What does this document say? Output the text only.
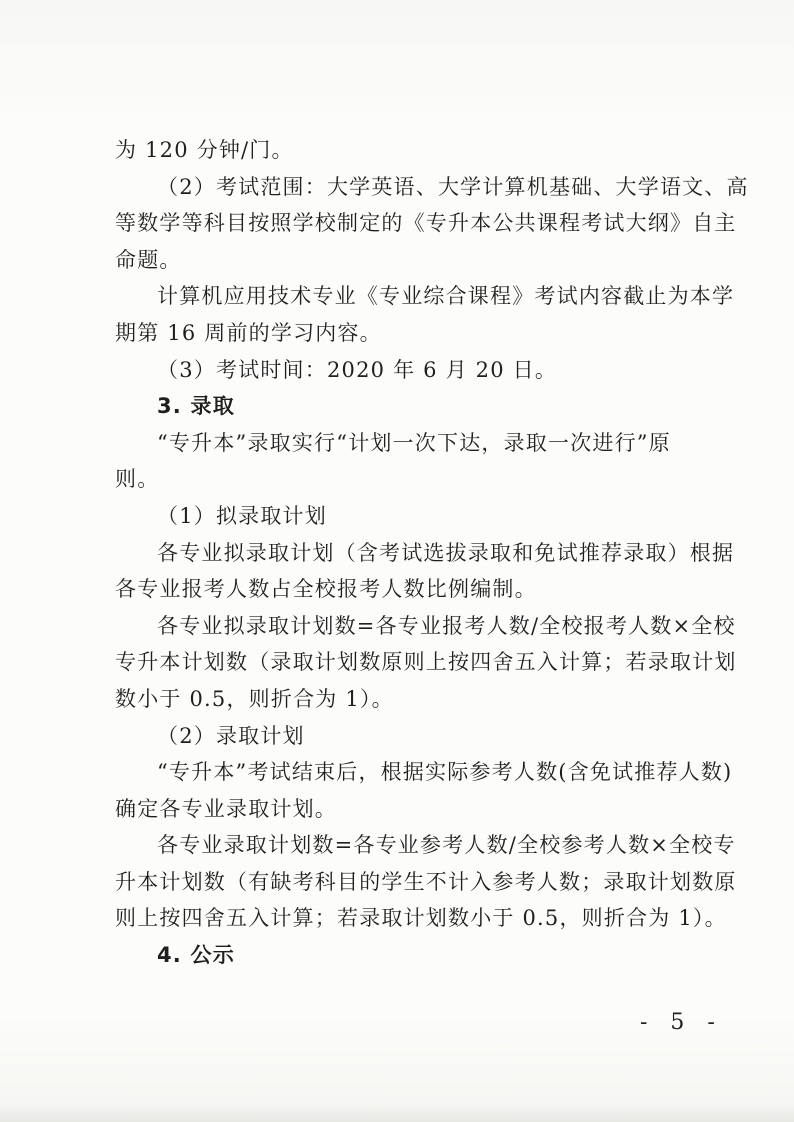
为 120 分钟/门。
（2）考试范围：大学英语、大学计算机基础、大学语文、高
等数学等科目按照学校制定的《专升本公共课程考试大纲》自主
命题。
计算机应用技术专业《专业综合课程》考试内容截止为本学
期第 16 周前的学习内容。
（3）考试时间：2020 年 6 月 20 日。
3. 录取
“专升本”录取实行“计划一次下达，录取一次进行”原
则。
（1）拟录取计划
各专业拟录取计划（含考试选拔录取和免试推荐录取）根据
各专业报考人数占全校报考人数比例编制。
各专业拟录取计划数=各专业报考人数/全校报考人数×全校
专升本计划数（录取计划数原则上按四舍五入计算；若录取计划
数小于 0.5，则折合为 1）。
（2）录取计划
“专升本”考试结束后，根据实际参考人数(含免试推荐人数)
确定各专业录取计划。
各专业录取计划数=各专业参考人数/全校参考人数×全校专
升本计划数（有缺考科目的学生不计入参考人数；录取计划数原
则上按四舍五入计算；若录取计划数小于 0.5，则折合为 1）。
4. 公示
- 5 -
